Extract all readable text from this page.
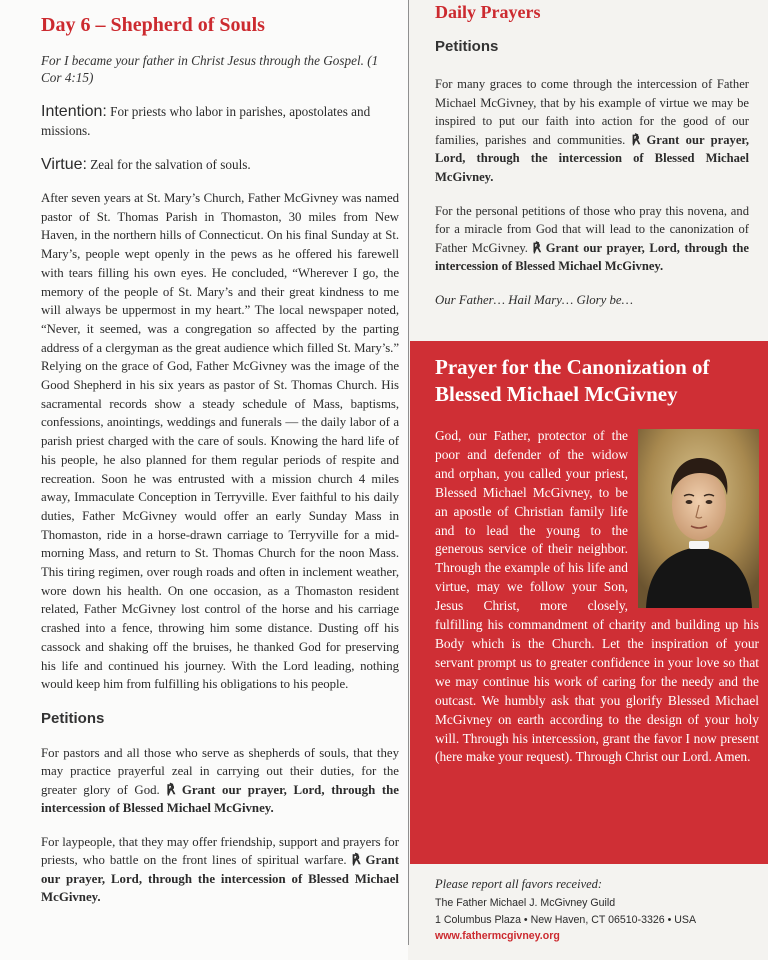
Day 6 – Shepherd of Souls

For I became your father in Christ Jesus through the Gospel. (1 Cor 4:15)

Intention: For priests who labor in parishes, apostolates and missions.

Virtue: Zeal for the salvation of souls.

After seven years at St. Mary’s Church, Father McGivney was named pastor of St. Thomas Parish in Thomaston, 30 miles from New Haven, in the northern hills of Connecticut. On his final Sunday at St. Mary’s, people wept openly in the pews as he offered his farewell with tears filling his own eyes. He concluded, “Wherever I go, the memory of the people of St. Mary’s and their great kindness to me will always be uppermost in my heart.” The local newspaper noted, “Never, it seemed, was a congregation so affected by the parting address of a clergyman as the great audience which filled St. Mary’s.” Relying on the grace of God, Father McGivney was the image of the Good Shepherd in his six years as pastor of St. Thomas Church. His sacramental records show a steady schedule of Mass, baptisms, confessions, anointings, weddings and funerals — the daily labor of a parish priest charged with the care of souls. Knowing the hard life of his people, he also planned for them regular periods of respite and recreation. Soon he was entrusted with a mission church 4 miles away, Immaculate Conception in Terryville. Ever faithful to his daily duties, Father McGivney would offer an early Sunday Mass in Thomaston, ride in a horse-drawn carriage to Terryville for a mid-morning Mass, and return to St. Thomas Church for the noon Mass. This tiring regimen, over rough roads and often in inclement weather, wore down his health. On one occasion, as a Thomaston resident related, Father McGivney lost control of the horse and his carriage crashed into a fence, throwing him some distance. Dusting off his cassock and shaking off the bruises, he thanked God for preserving his life and continued his journey. With the Lord leading, nothing would keep him from fulfilling his obligations to his people.

Petitions

For pastors and all those who serve as shepherds of souls, that they may practice prayerful zeal in carrying out their duties, for the greater glory of God. ℟ Grant our prayer, Lord, through the intercession of Blessed Michael McGivney.

For laypeople, that they may offer friendship, support and prayers for priests, who battle on the front lines of spiritual warfare. ℟ Grant our prayer, Lord, through the intercession of Blessed Michael McGivney.

Daily Prayers
Petitions

For many graces to come through the intercession of Father Michael McGivney, that by his example of virtue we may be inspired to put our faith into action for the good of our families, parishes and communities. ℟ Grant our prayer, Lord, through the intercession of Blessed Michael McGivney.

For the personal petitions of those who pray this novena, and for a miracle from God that will lead to the canonization of Father McGivney. ℟ Grant our prayer, Lord, through the intercession of Blessed Michael McGivney.

Our Father… Hail Mary… Glory be…

Prayer for the Canonization of Blessed Michael McGivney
God, our Father, protector of the poor and defender of the widow and orphan, you called your priest, Blessed Michael McGivney, to be an apostle of Christian family life and to lead the young to the generous service of their neighbor. Through the example of his life and virtue, may we follow your Son, Jesus Christ, more closely, fulfilling his commandment of charity and building up his Body which is the Church. Let the inspiration of your servant prompt us to greater confidence in your love so that we may continue his work of caring for the needy and the outcast. We humbly ask that you glorify Blessed Michael McGivney on earth according to the design of your holy will. Through his intercession, grant the favor I now present (here make your request). Through Christ our Lord. Amen.

Please report all favors received:

The Father Michael J. McGivney Guild

1 Columbus Plaza • New Haven, CT 06510-3326 • USA

www.fathermcgivney.org
